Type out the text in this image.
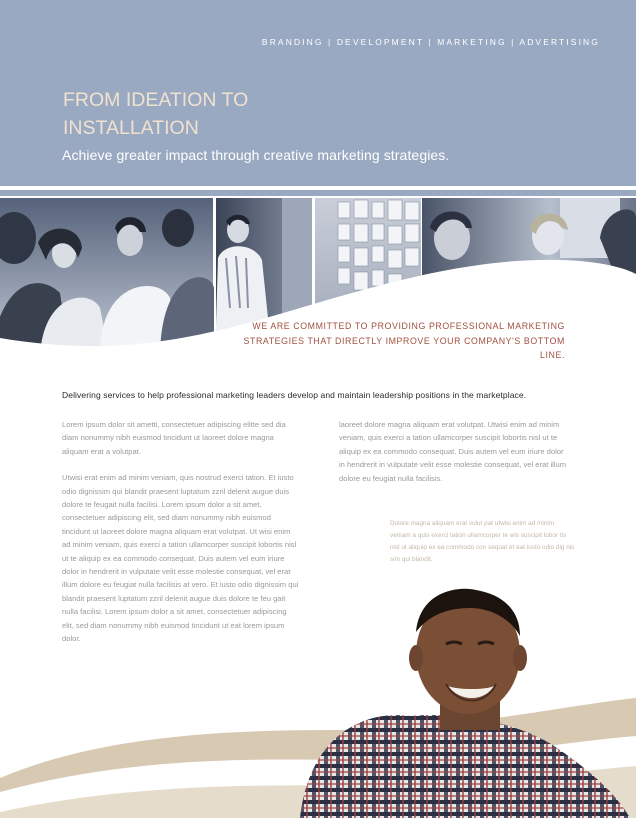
BRANDING | DEVELOPMENT | MARKETING | ADVERTISING
FROM IDEATION TO INSTALLATION
Achieve greater impact through creative marketing strategies.
WE ARE COMMITTED TO PROVIDING PROFESSIONAL MARKETING STRATEGIES THAT DIRECTLY IMPROVE YOUR COMPANY'S BOTTOM LINE.
Delivering services to help professional marketing leaders develop and maintain leadership positions in the marketplace.

Lorem ipsum dolor sit ametti, consectetuer adipiscing elitte sed dia diam nonummy nibh euismod tincidunt ut laoreet dolore magna aliquam erat a volutpat.

Utwisi erat enim ad minim veniam, quis nostrud exerci tation. Et iusto odio dignissim qui blandit praesent luptatum zzril delenit augue duis dolore te feugait nulla facilisi. Lorem ipsum dolor a sit amet, consectetuer adipiscing elit, sed diam nonummy nibh euismod tincidunt ut laoreet dolore magna aliquam erat volutpat. Ut wisi enim ad minim veniam, quis exerci a tation ullamcorper suscipit lobortis nisl ut te aliquip ex ea commodo consequat. Duis autem vel eum iriure dolor in hendrerit in vulputate velit esse molestie consequat, vel erat illum dolore eu feugiat nulla facilisis at vero. Et iusto odio dignissim qui blandit praesent luptatum zzril delenit augue duis dolore te feu gait nulla facilisi. Lorem ipsum dolor a sit amet, consectetuer adipiscing elit, sed diam nonummy nibh euismod tincidunt ut eat lorem ipsum dolor.

laoreet dolore magna aliquam erat volutpat. Utwisi enim ad minim veniam, quis exerci a tation ullamcorper suscipit lobortis nisl ut te aliquip ex ea commodo consequat. Duis autem vel eum iriure dolor in hendrerit in vulputate velit esse molestie consequat, vel erat illum dolore eu feugiat nulla facilisis.

Dolore magna aliquam erat volut pat utwisi enim ad minim veniam a quis exerci tation ullamcorper te wis suscipit lobor tis nisl ut aliquip ex ea commodo con sequat et eat iusto odio dig nis sim qui blandit.
